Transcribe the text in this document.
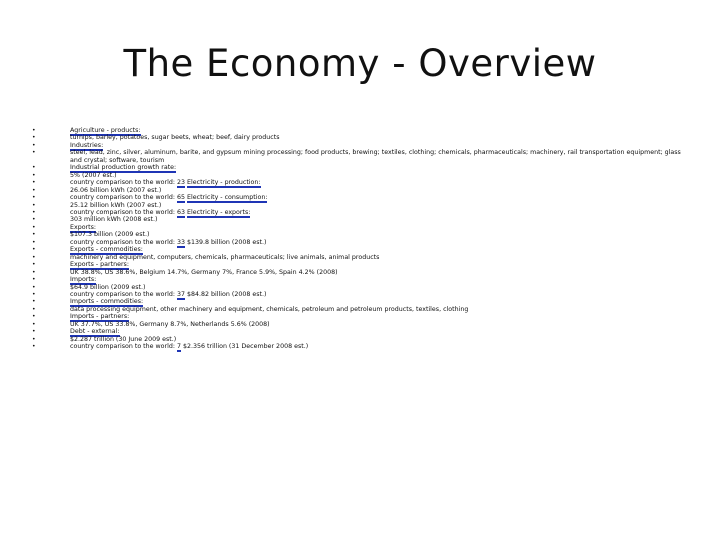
The Economy - Overview
• Agriculture - products:
• turnips, barley, potatoes, sugar beets, wheat; beef, dairy products
• Industries:
• steel, lead, zinc, silver, aluminum, barite, and gypsum mining processing; food products, brewing; textiles, clothing; chemicals, pharmaceuticals; machinery, rail transportation equipment; glass and crystal; software, tourism
• Industrial production growth rate:
• 5% (2007 est.)
• country comparison to the world: 23 Electricity - production:
• 26.06 billion kWh (2007 est.)
• country comparison to the world: 65 Electricity - consumption:
• 25.12 billion kWh (2007 est.)
• country comparison to the world: 63 Electricity - exports:
• 303 million kWh (2008 est.)
• Exports:
• $107.3 billion (2009 est.)
• country comparison to the world: 33 $139.8 billion (2008 est.)
• Exports - commodities:
• machinery and equipment, computers, chemicals, pharmaceuticals; live animals, animal products
• Exports - partners:
• UK 38.8%, US 38.6%, Belgium 14.7%, Germany 7%, France 5.9%, Spain 4.2% (2008)
• Imports:
• $64.9 billion (2009 est.)
• country comparison to the world: 37 $84.82 billion (2008 est.)
• Imports - commodities:
• data processing equipment, other machinery and equipment, chemicals, petroleum and petroleum products, textiles, clothing
• Imports - partners:
• UK 37.7%, US 33.8%, Germany 8.7%, Netherlands 5.6% (2008)
• Debt - external:
• $2.287 trillion (30 June 2009 est.)
• country comparison to the world: 7 $2.356 trillion (31 December 2008 est.)
